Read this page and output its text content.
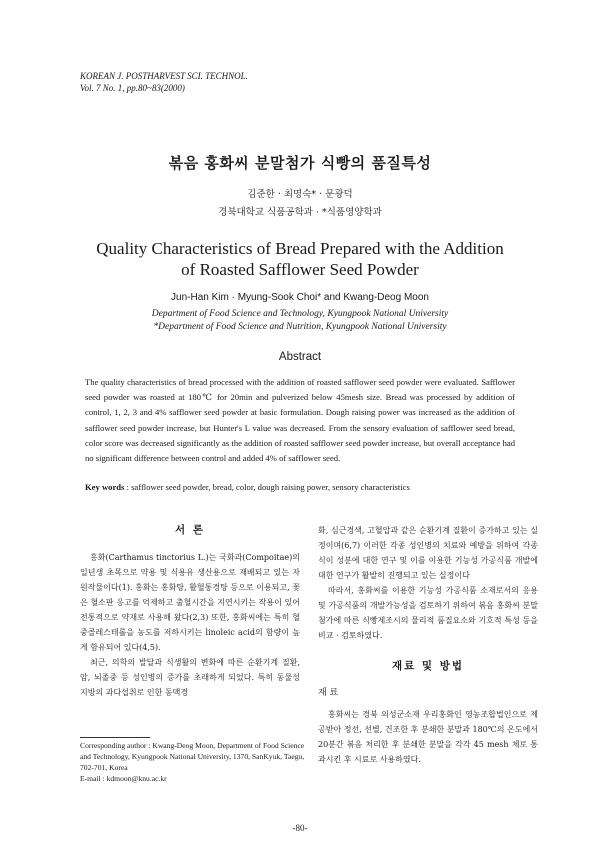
KOREAN J. POSTHARVEST SCI. TECHNOL.
Vol. 7 No. 1, pp.80~83(2000)
볶음 홍화씨 분말첨가 식빵의 품질특성
김준한 · 최명숙* · 문광덕
경북대학교 식품공학과 · *식품영양학과
Quality Characteristics of Bread Prepared with the Addition
of Roasted Safflower Seed Powder
Jun-Han Kim · Myung-Sook Choi* and Kwang-Deog Moon
Department of Food Science and Technology, Kyungpook National University
*Department of Food Science and Nutrition, Kyungpook National University
Abstract
The quality characteristics of bread processed with the addition of roasted safflower seed powder were evaluated. Safflower seed powder was roasted at 180℃ for 20min and pulverized below 45mesh size. Bread was processed by addition of control, 1, 2, 3 and 4% safflower seed powder at basic formulation. Dough raising power was increased as the addition of safflower seed powder increase, but Hunter's L value was decreased. From the sensory evaluation of safflower seed bread, color score was decreased significantly as the addition of roasted safflower seed powder increase, but overall acceptance had no significant difference between control and added 4% of safflower seed.
Key words : safflower seed powder, bread, color, dough raising power, sensory characteristics
서 론

홍화(Carthamus tinctorius L.)는 국화과(Compoitae)의 일년생 초목으로 약용 및 식용유 생산용으로 재배되고 있는 자원작물이다(1). 홍화는 홍화탕, 활혈통경탕 등으로 이용되고, 꽃은 혈소판 응고를 억제하고 출혈시간을 지연시키는 작용이 있어 전통적으로 약재로 사용해 왔다(2,3) 또한, 홍화씨에는 특히 혈중콜레스테롤을 농도를 저하시키는 linoleic acid의 함량이 높게 함유되어 있다(4,5).

최근, 의학의 발달과 식생활의 변화에 따른 순환기계 질환, 암, 뇌졸중 등 성인병의 증가를 초래하게 되었다. 특히 동물성 지방의 과다섭취로 인한 동맥경

화, 심근경색, 고혈압과 같은 순환기계 질환이 증가하고 있는 실정이며(6,7) 이러한 각종 성인병의 치료와 예방을 위하여 각종 식이 성분에 대한 연구 및 이를 이용한 기능성 가공식품 개발에 대한 연구가 활발히 진행되고 있는 실정이다

따라서, 홍화씨를 이용한 기능성 가공식품 소재로서의 응용 및 가공식품의 개발가능성을 검토하기 위하여 볶음 홍화씨 분말첨가에 따른 식빵제조시의 물리적 품질요소와 기호적 특성 등을 비교 · 검토하였다.

재료 및 방법
재 료

홍화씨는 경북 의성군소재 우리홍화인 영농조합법인으로 제공받아 정선, 선별, 건조한 후 분쇄한 분말과 180℃의 온도에서 20분간 볶음 처리한 후 분쇄한 분말을 각각 45 mesh 체로 통과시킨 후 시료로 사용하였다.

Corresponding author : Kwang-Deog Moon, Department of Food Science and Technology, Kyungpook National University, 1370, SanKyuk, Taegu, 702-701, Korea
E-mail : kdmoon@knu.ac.kr
-80-
